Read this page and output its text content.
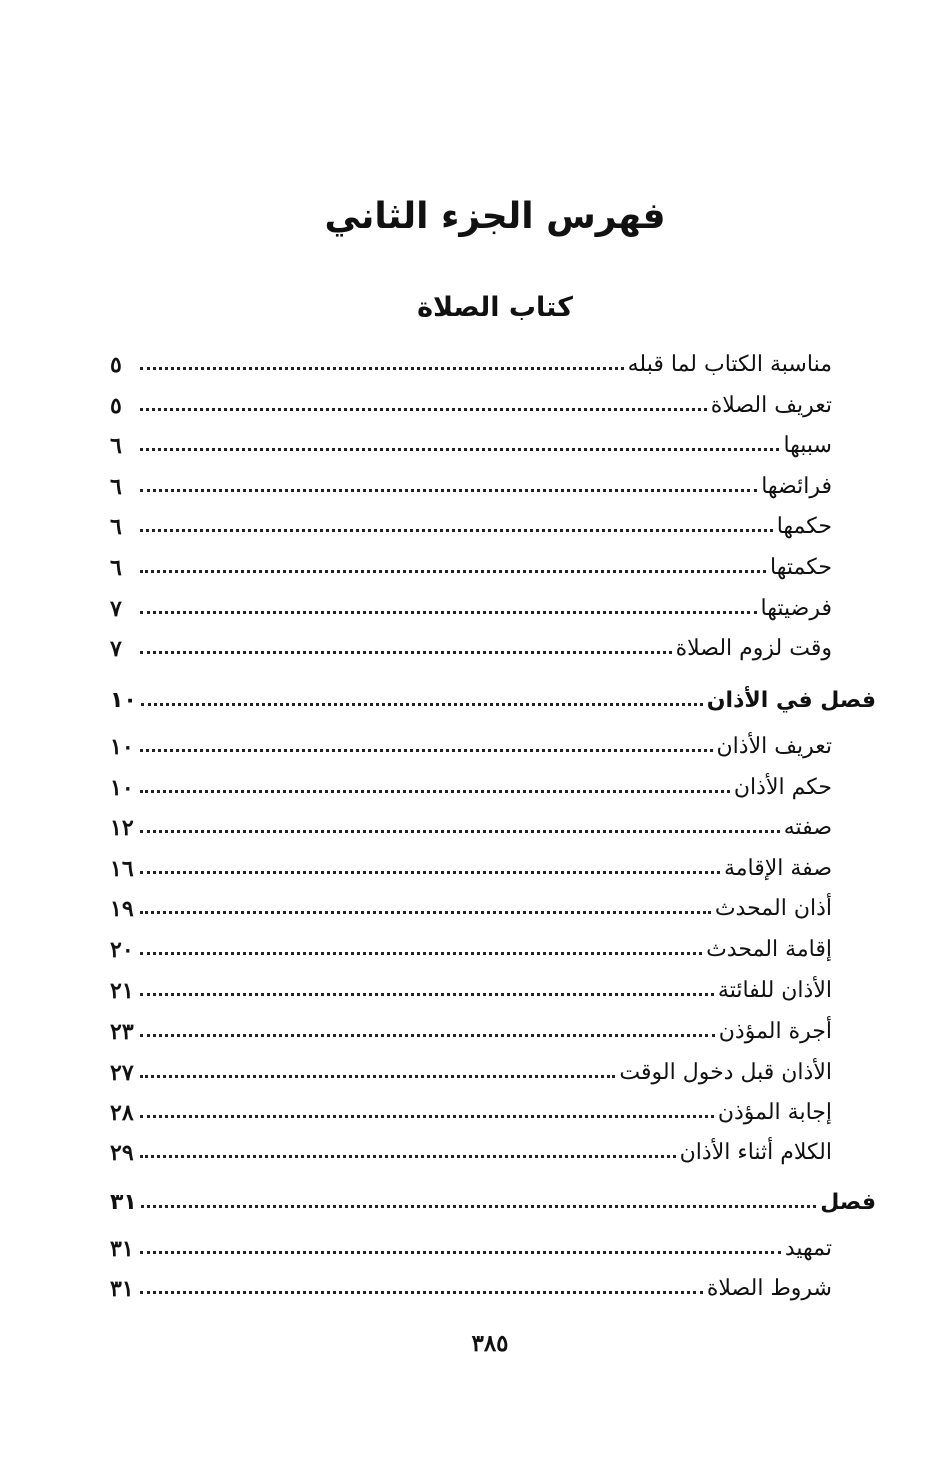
فهرس الجزء الثاني
كتاب الصلاة
مناسبة الكتاب لما قبله
٥
تعريف الصلاة
٥
سببها
٦
فرائضها
٦
حكمها
٦
حكمتها
٦
فرضيتها
٧
وقت لزوم الصلاة
٧
فصل في الأذان
١٠
تعريف الأذان
١٠
حكم الأذان
١٠
صفته
١٢
صفة الإقامة
١٦
أذان المحدث
١٩
إقامة المحدث
٢٠
الأذان للفائتة
٢١
أجرة المؤذن
٢٣
الأذان قبل دخول الوقت
٢٧
إجابة المؤذن
٢٨
الكلام أثناء الأذان
٢٩
فصل
٣١
تمهيد
٣١
شروط الصلاة
٣١
٣٨٥
